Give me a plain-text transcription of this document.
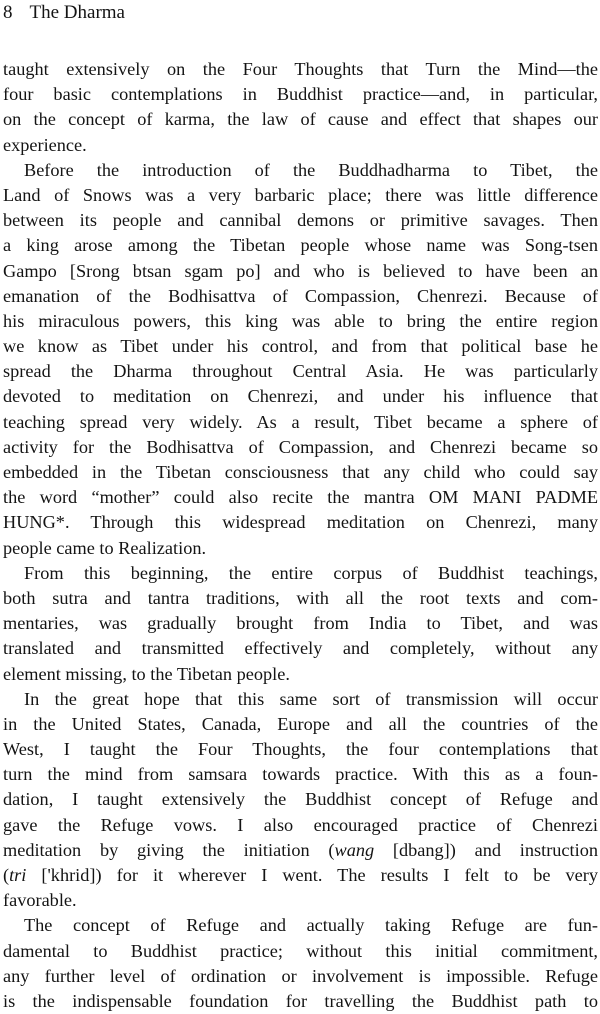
8 The Dharma
taught extensively on the Four Thoughts that Turn the Mind—the
four basic contemplations in Buddhist practice—and, in particular,
on the concept of karma, the law of cause and effect that shapes our
experience.
Before the introduction of the Buddhadharma to Tibet, the
Land of Snows was a very barbaric place; there was little difference
between its people and cannibal demons or primitive savages. Then
a king arose among the Tibetan people whose name was Song-tsen
Gampo [Srong btsan sgam po] and who is believed to have been an
emanation of the Bodhisattva of Compassion, Chenrezi. Because of
his miraculous powers, this king was able to bring the entire region
we know as Tibet under his control, and from that political base he
spread the Dharma throughout Central Asia. He was particularly
devoted to meditation on Chenrezi, and under his influence that
teaching spread very widely. As a result, Tibet became a sphere of
activity for the Bodhisattva of Compassion, and Chenrezi became so
embedded in the Tibetan consciousness that any child who could say
the word “mother” could also recite the mantra OM MANI PADME
HUNG*. Through this widespread meditation on Chenrezi, many
people came to Realization.
From this beginning, the entire corpus of Buddhist teachings,
both sutra and tantra traditions, with all the root texts and com-
mentaries, was gradually brought from India to Tibet, and was
translated and transmitted effectively and completely, without any
element missing, to the Tibetan people.
In the great hope that this same sort of transmission will occur
in the United States, Canada, Europe and all the countries of the
West, I taught the Four Thoughts, the four contemplations that
turn the mind from samsara towards practice. With this as a foun-
dation, I taught extensively the Buddhist concept of Refuge and
gave the Refuge vows. I also encouraged practice of Chenrezi
meditation by giving the initiation (wang [dbang]) and instruction
(tri ['khrid]) for it wherever I went. The results I felt to be very
favorable.
The concept of Refuge and actually taking Refuge are fun-
damental to Buddhist practice; without this initial commitment,
any further level of ordination or involvement is impossible. Refuge
is the indispensable foundation for travelling the Buddhist path to
